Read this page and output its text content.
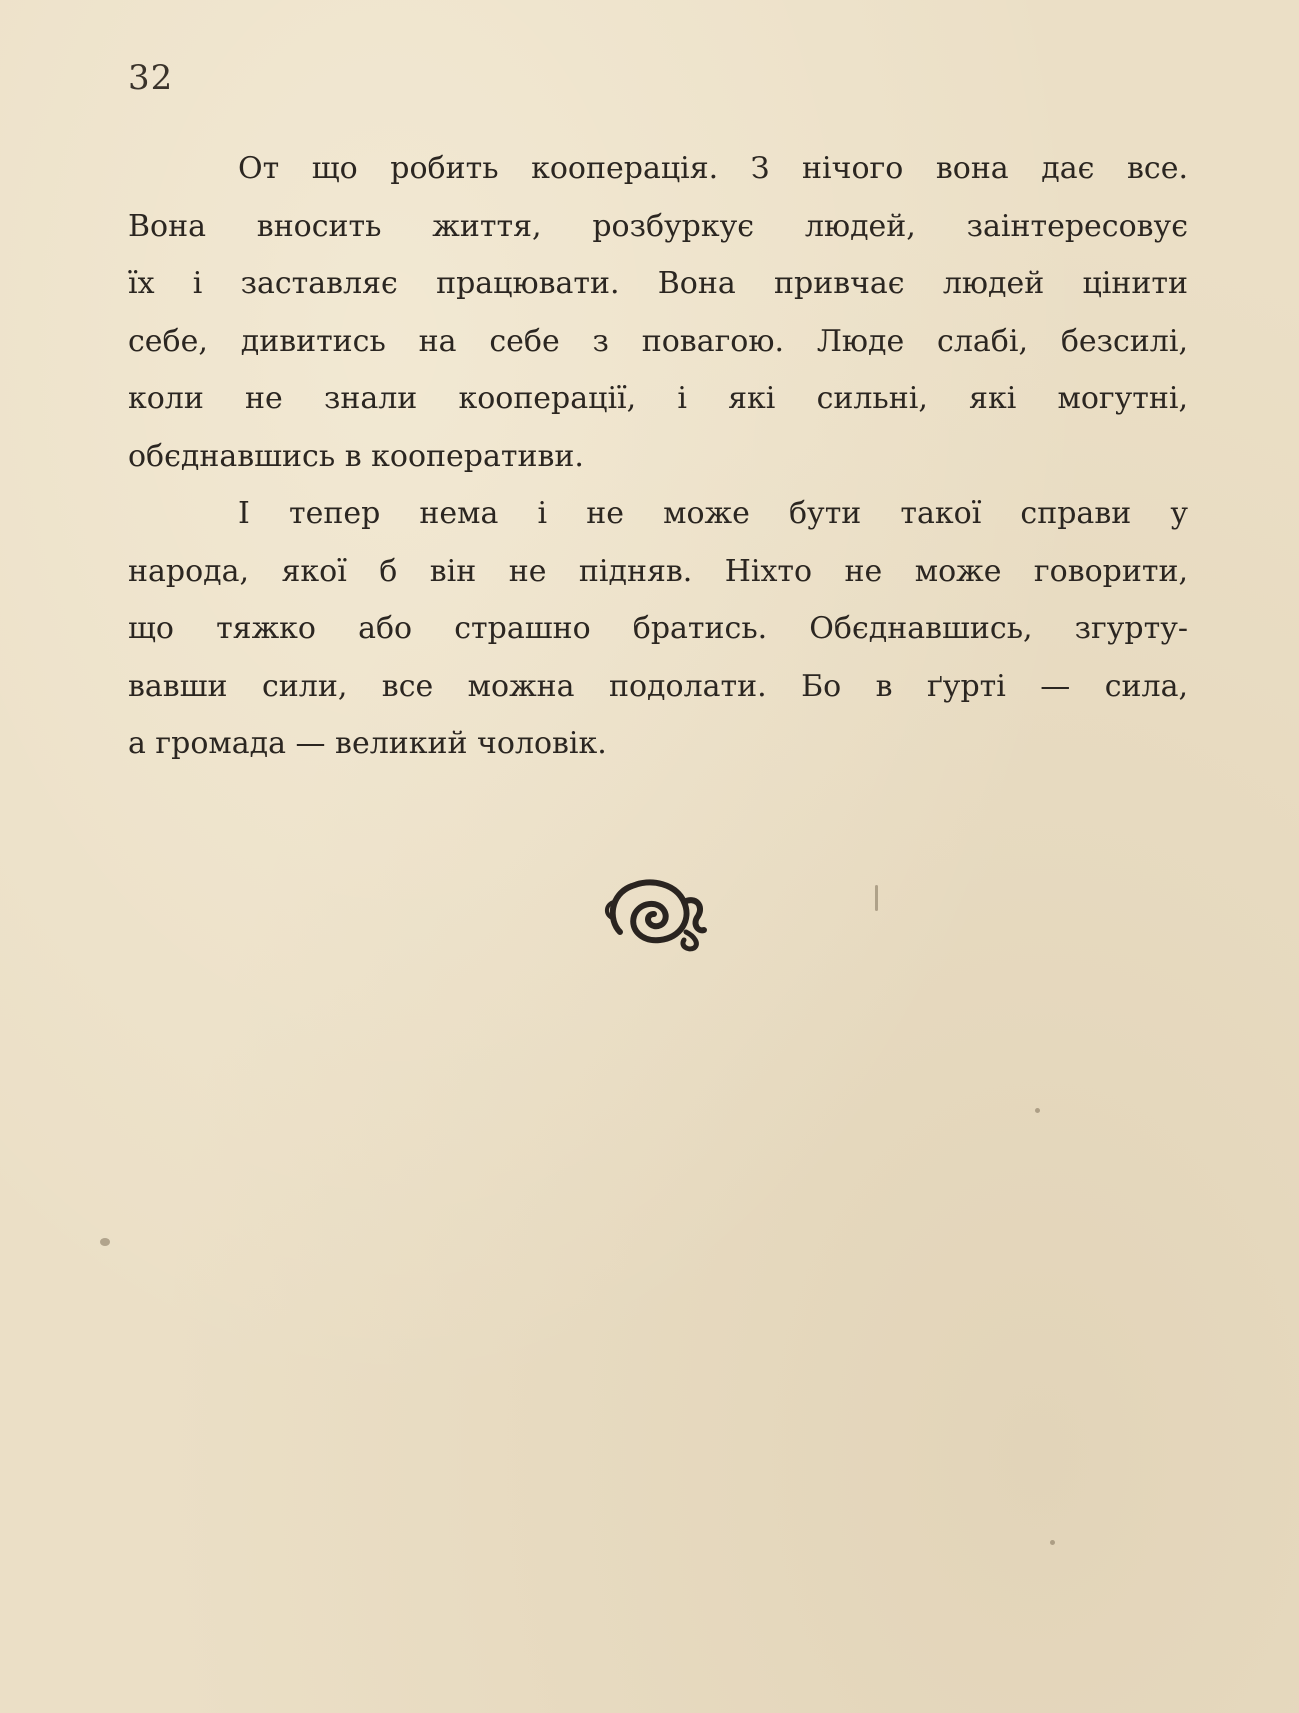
32
От що робить кооперація. З нічого вона дає все.
Вона вносить життя, розбуркує людей, заінтересовує
їх і заставляє працювати. Вона привчає людей цінити
себе, дивитись на себе з повагою. Люде слабі, безсилі,
коли не знали кооперації, і які сильні, які могутні,
обєднавшись в кооперативи.
І тепер нема і не може бути такої справи у
народа, якої б він не підняв. Ніхто не може говорити,
що тяжко або страшно братись. Обєднавшись, згурту-
вавши сили, все можна подолати. Бо в ґурті — сила,
а громада — великий чоловік.
